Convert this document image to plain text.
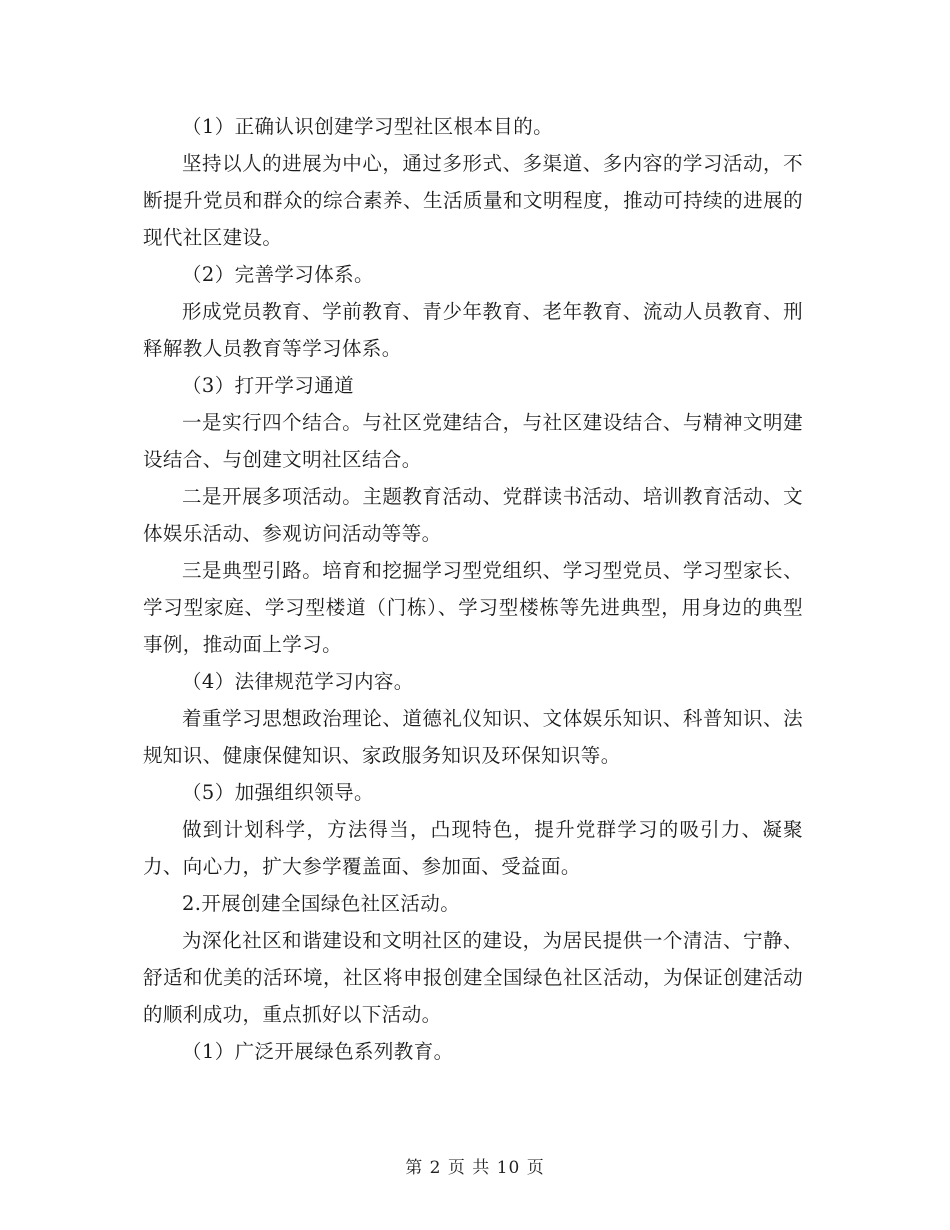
（1）正确认识创建学习型社区根本目的。

坚持以人的进展为中心，通过多形式、多渠道、多内容的学习活动，不断提升党员和群众的综合素养、生活质量和文明程度，推动可持续的进展的现代社区建设。

（2）完善学习体系。

形成党员教育、学前教育、青少年教育、老年教育、流动人员教育、刑释解教人员教育等学习体系。

（3）打开学习通道

一是实行四个结合。与社区党建结合，与社区建设结合、与精神文明建设结合、与创建文明社区结合。

二是开展多项活动。主题教育活动、党群读书活动、培训教育活动、文体娱乐活动、参观访问活动等等。

三是典型引路。培育和挖掘学习型党组织、学习型党员、学习型家长、学习型家庭、学习型楼道（门栋）、学习型楼栋等先进典型，用身边的典型事例，推动面上学习。

（4）法律规范学习内容。

着重学习思想政治理论、道德礼仪知识、文体娱乐知识、科普知识、法规知识、健康保健知识、家政服务知识及环保知识等。

（5）加强组织领导。

做到计划科学，方法得当，凸现特色，提升党群学习的吸引力、凝聚力、向心力，扩大参学覆盖面、参加面、受益面。

2.开展创建全国绿色社区活动。

为深化社区和谐建设和文明社区的建设，为居民提供一个清洁、宁静、舒适和优美的活环境，社区将申报创建全国绿色社区活动，为保证创建活动的顺利成功，重点抓好以下活动。

（1）广泛开展绿色系列教育。

第 2 页 共 10 页
